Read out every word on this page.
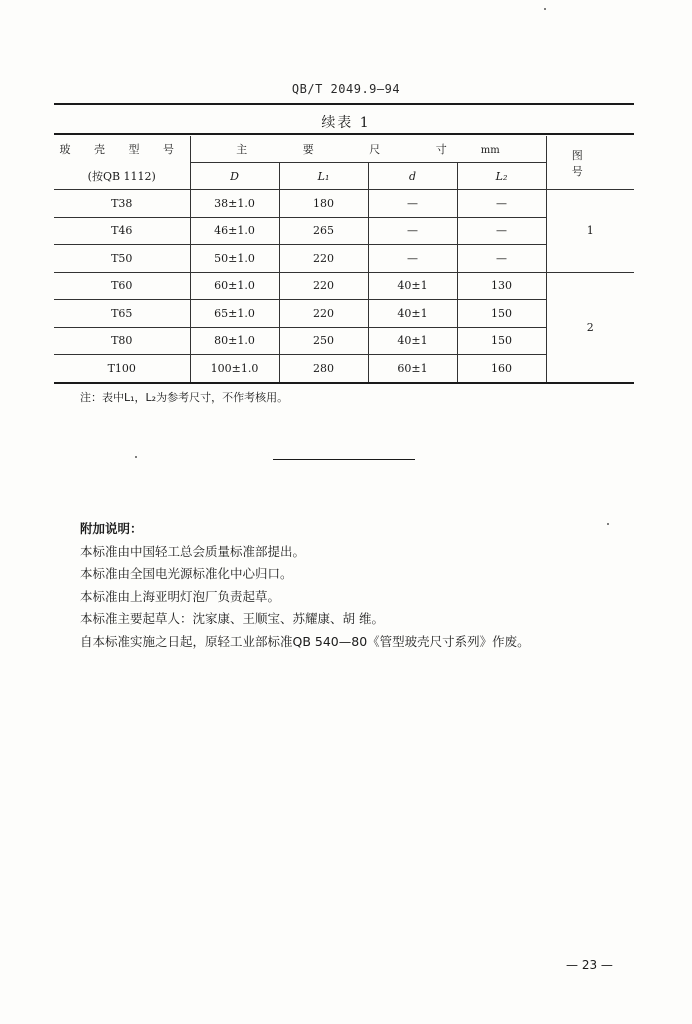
QB/T 2049.9—94
续表 1
玻 壳 型 号	主 要 尺 寸 mm				图 号
(按QB 1112)	D	L₁	d	L₂	
T38	38±1.0	180	—	—	1
T46	46±1.0	265	—	—	
T50	50±1.0	220	—	—	
T60	60±1.0	220	40±1	130	2
T65	65±1.0	220	40±1	150	
T80	80±1.0	250	40±1	150	
T100	100±1.0	280	60±1	160	
注：表中L₁，L₂为参考尺寸，不作考核用。
附加说明：
本标准由中国轻工总会质量标准部提出。
本标准由全国电光源标准化中心归口。
本标准由上海亚明灯泡厂负责起草。
本标准主要起草人：沈家康、王顺宝、苏耀康、胡 维。
自本标准实施之日起，原轻工业部标准QB 540—80《管型玻壳尺寸系列》作废。
— 23 —
